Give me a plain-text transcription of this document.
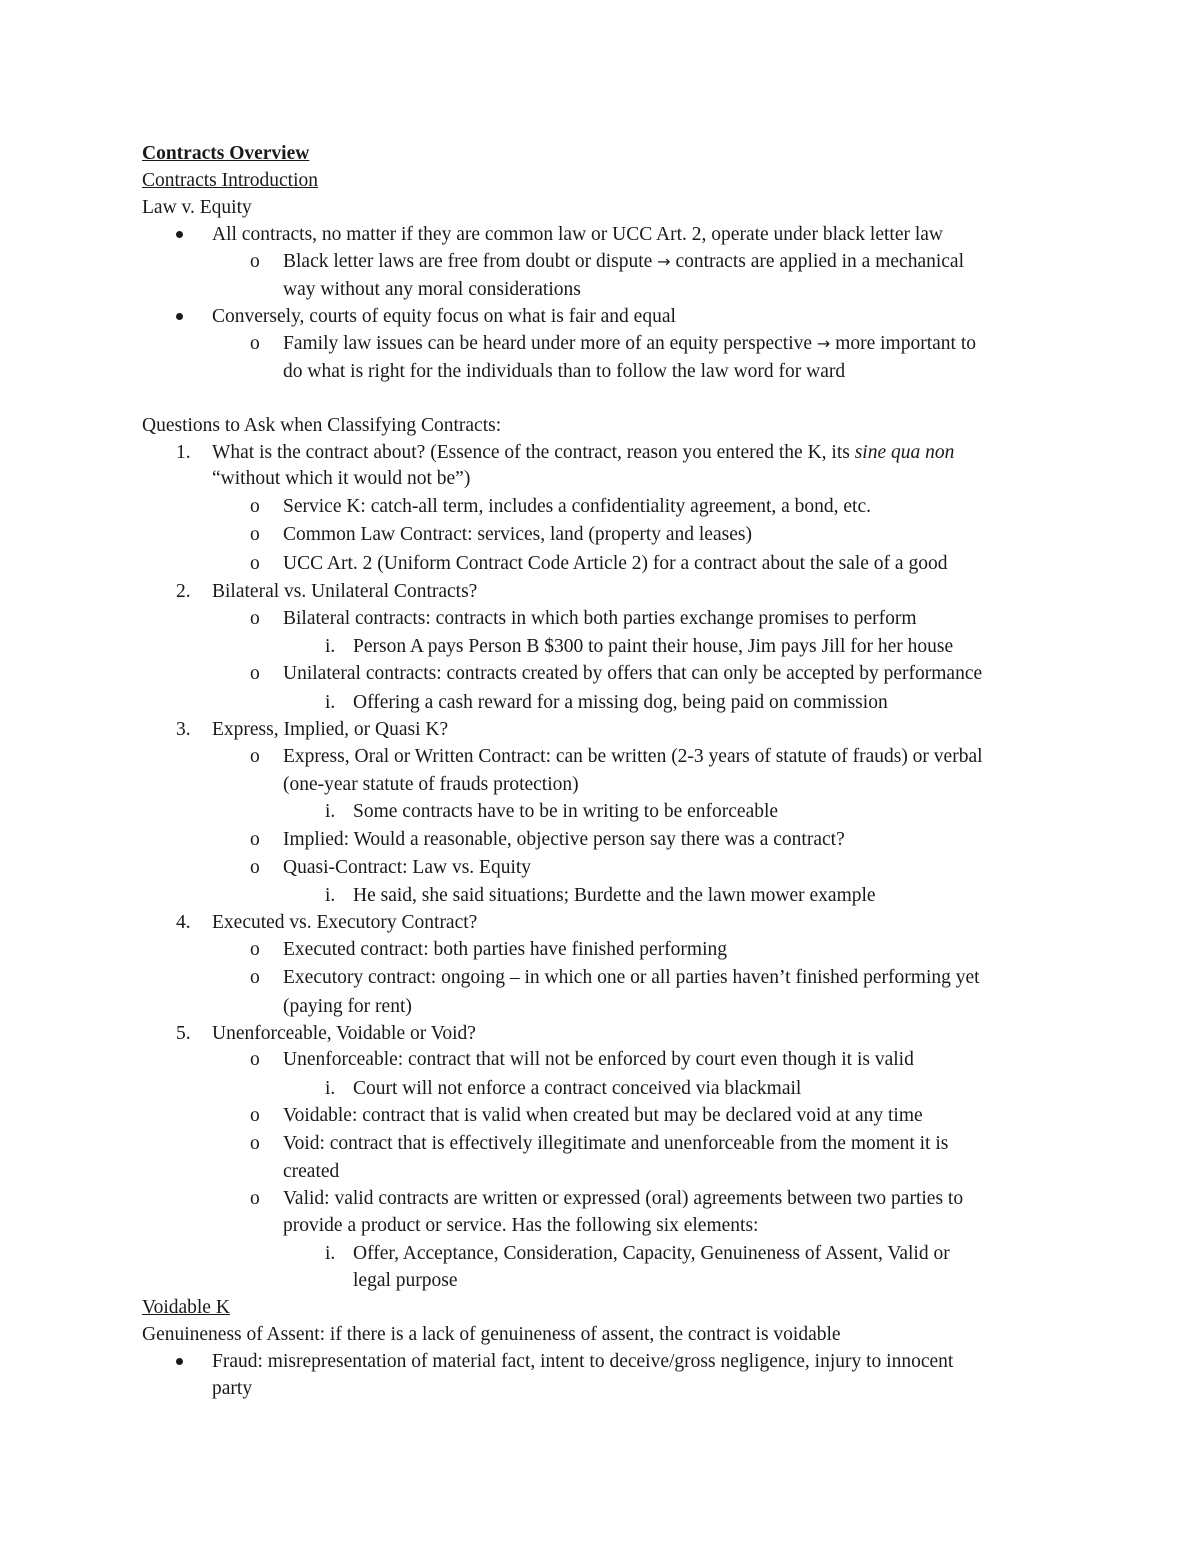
Contracts Overview
Contracts Introduction
Law v. Equity
All contracts, no matter if they are common law or UCC Art. 2, operate under black letter law
o Black letter laws are free from doubt or dispute → contracts are applied in a mechanical
way without any moral considerations
Conversely, courts of equity focus on what is fair and equal
o Family law issues can be heard under more of an equity perspective → more important to
do what is right for the individuals than to follow the law word for ward
Questions to Ask when Classifying Contracts:
1. What is the contract about? (Essence of the contract, reason you entered the K, its sine qua non
“without which it would not be”)
o Service K: catch-all term, includes a confidentiality agreement, a bond, etc.
o Common Law Contract: services, land (property and leases)
o UCC Art. 2 (Uniform Contract Code Article 2) for a contract about the sale of a good
2. Bilateral vs. Unilateral Contracts?
o Bilateral contracts: contracts in which both parties exchange promises to perform
i. Person A pays Person B $300 to paint their house, Jim pays Jill for her house
o Unilateral contracts: contracts created by offers that can only be accepted by performance
i. Offering a cash reward for a missing dog, being paid on commission
3. Express, Implied, or Quasi K?
o Express, Oral or Written Contract: can be written (2-3 years of statute of frauds) or verbal
(one-year statute of frauds protection)
i. Some contracts have to be in writing to be enforceable
o Implied: Would a reasonable, objective person say there was a contract?
o Quasi-Contract: Law vs. Equity
i. He said, she said situations; Burdette and the lawn mower example
4. Executed vs. Executory Contract?
o Executed contract: both parties have finished performing
o Executory contract: ongoing – in which one or all parties haven’t finished performing yet
(paying for rent)
5. Unenforceable, Voidable or Void?
o Unenforceable: contract that will not be enforced by court even though it is valid
i. Court will not enforce a contract conceived via blackmail
o Voidable: contract that is valid when created but may be declared void at any time
o Void: contract that is effectively illegitimate and unenforceable from the moment it is
created
o Valid: valid contracts are written or expressed (oral) agreements between two parties to
provide a product or service. Has the following six elements:
i. Offer, Acceptance, Consideration, Capacity, Genuineness of Assent, Valid or
legal purpose
Voidable K
Genuineness of Assent: if there is a lack of genuineness of assent, the contract is voidable
Fraud: misrepresentation of material fact, intent to deceive/gross negligence, injury to innocent
party
